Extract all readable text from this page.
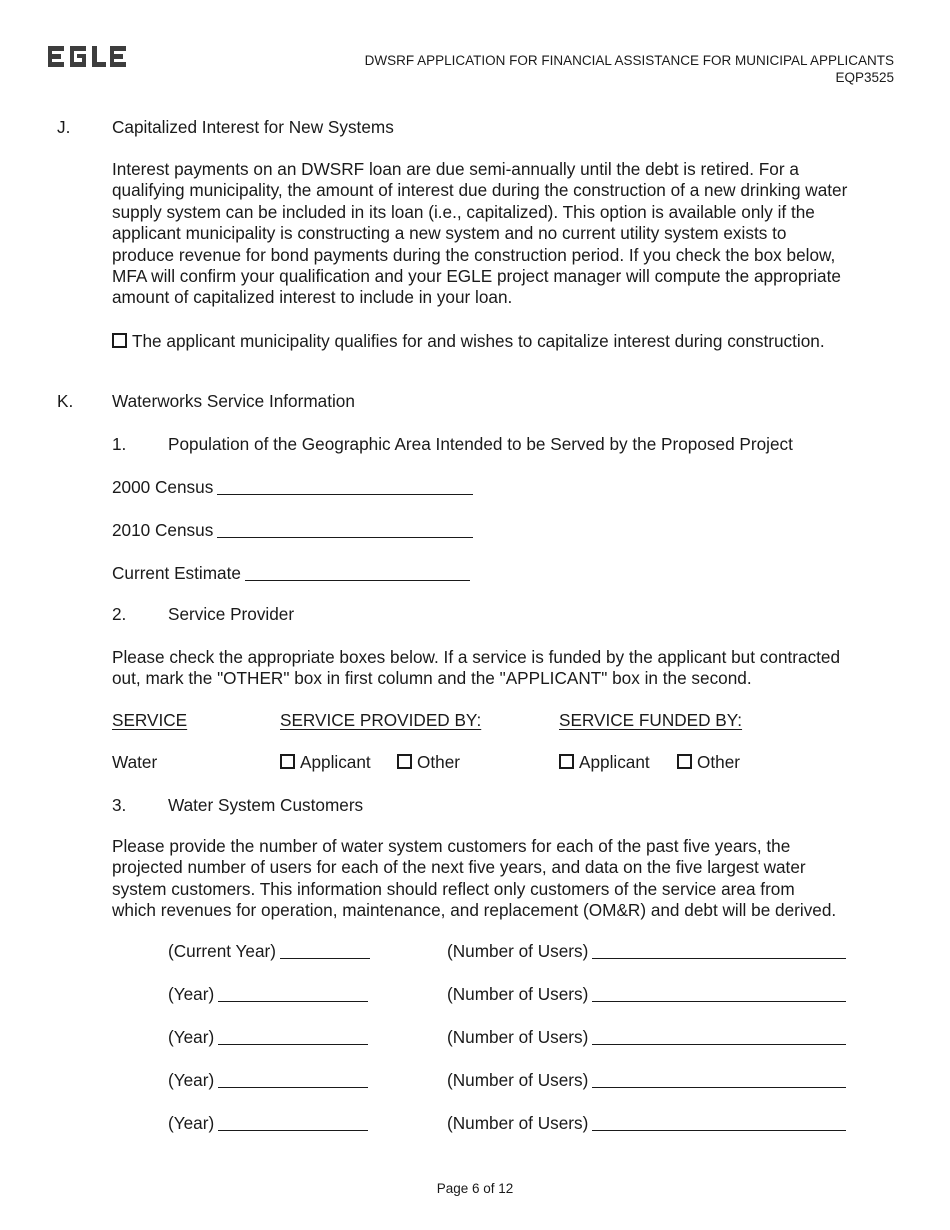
DWSRF APPLICATION FOR FINANCIAL ASSISTANCE FOR MUNICIPAL APPLICANTS
EQP3525
J. Capitalized Interest for New Systems
Interest payments on an DWSRF loan are due semi-annually until the debt is retired. For a
qualifying municipality, the amount of interest due during the construction of a new drinking water
supply system can be included in its loan (i.e., capitalized). This option is available only if the
applicant municipality is constructing a new system and no current utility system exists to
produce revenue for bond payments during the construction period. If you check the box below,
MFA will confirm your qualification and your EGLE project manager will compute the appropriate
amount of capitalized interest to include in your loan.
The applicant municipality qualifies for and wishes to capitalize interest during construction.
K. Waterworks Service Information
1. Population of the Geographic Area Intended to be Served by the Proposed Project
2000 Census
2010 Census
Current Estimate
2. Service Provider
Please check the appropriate boxes below. If a service is funded by the applicant but contracted
out, mark the "OTHER" box in first column and the "APPLICANT" box in the second.
SERVICE	SERVICE PROVIDED BY:	SERVICE FUNDED BY:
Water	Applicant	Other	Applicant	Other
3. Water System Customers
Please provide the number of water system customers for each of the past five years, the
projected number of users for each of the next five years, and data on the five largest water
system customers. This information should reflect only customers of the service area from
which revenues for operation, maintenance, and replacement (OM&R) and debt will be derived.
(Current Year)	(Number of Users)
(Year)	(Number of Users)
(Year)	(Number of Users)
(Year)	(Number of Users)
(Year)	(Number of Users)
Page 6 of 12
